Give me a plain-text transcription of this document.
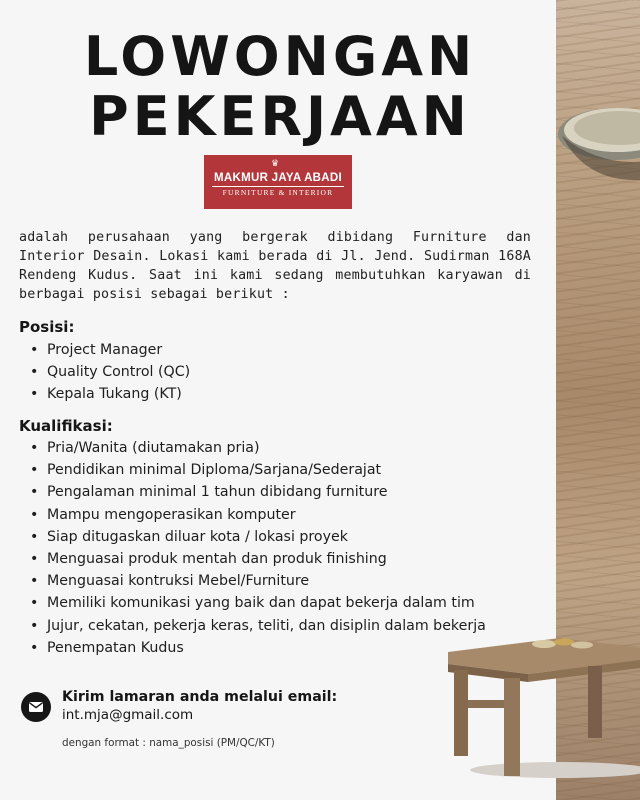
LOWONGAN
PEKERJAAN
♛
MAKMUR JAYA ABADI
FURNITURE & INTERIOR
adalah perusahaan yang bergerak dibidang Furniture dan Interior Desain. Lokasi kami berada di Jl. Jend. Sudirman 168A Rendeng Kudus. Saat ini kami sedang membutuhkan karyawan di berbagai posisi sebagai berikut :
Posisi:
• Project Manager
• Quality Control (QC)
• Kepala Tukang (KT)
Kualifikasi:
• Pria/Wanita (diutamakan pria)
• Pendidikan minimal Diploma/Sarjana/Sederajat
• Pengalaman minimal 1 tahun dibidang furniture
• Mampu mengoperasikan komputer
• Siap ditugaskan diluar kota / lokasi proyek
• Menguasai produk mentah dan produk finishing
• Menguasai kontruksi Mebel/Furniture
• Memiliki komunikasi yang baik dan dapat bekerja dalam tim
• Jujur, cekatan, pekerja keras, teliti, dan disiplin dalam bekerja
• Penempatan Kudus
Kirim lamaran anda melalui email:
int.mja@gmail.com
dengan format : nama_posisi (PM/QC/KT)
